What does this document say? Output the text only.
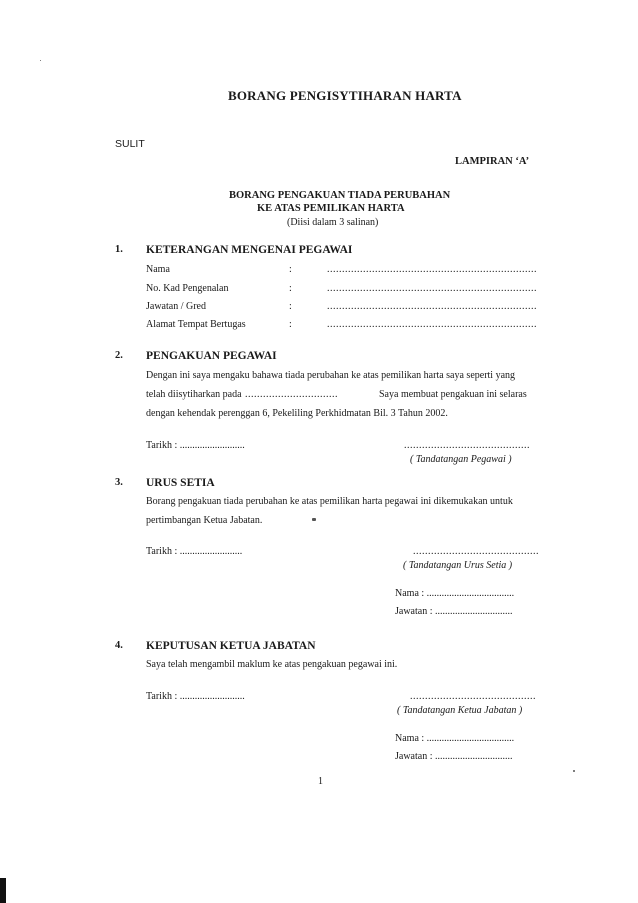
BORANG PENGISYTIHARAN HARTA
SULIT
LAMPIRAN ‘A’
BORANG PENGAKUAN TIADA PERUBAHAN
KE ATAS PEMILIKAN HARTA
(Diisi dalam 3 salinan)
1. KETERANGAN MENGENAI PEGAWAI
Nama	:	......................................................................
No. Kad Pengenalan	:	......................................................................
Jawatan / Gred	:	......................................................................
Alamat Tempat Bertugas	:	......................................................................
2. PENGAKUAN PEGAWAI
Dengan ini saya mengaku bahawa tiada perubahan ke atas pemilikan harta saya seperti yang
telah diisytiharkan pada ...............................	Saya membuat pengakuan ini selaras
dengan kehendak perenggan 6, Pekeliling Perkhidmatan Bil. 3 Tahun 2002.
Tarikh : ..........................	..........................................
( Tandatangan Pegawai )
3. URUS SETIA
Borang pengakuan tiada perubahan ke atas pemilikan harta pegawai ini dikemukakan untuk
pertimbangan Ketua Jabatan.
Tarikh : .........................	..........................................
( Tandatangan Urus Setia )
Nama : ...................................
Jawatan : ...............................
4. KEPUTUSAN KETUA JABATAN
Saya telah mengambil maklum ke atas pengakuan pegawai ini.
Tarikh : ..........................	..........................................
( Tandatangan Ketua Jabatan )
Nama : ...................................
Jawatan : ...............................
1
